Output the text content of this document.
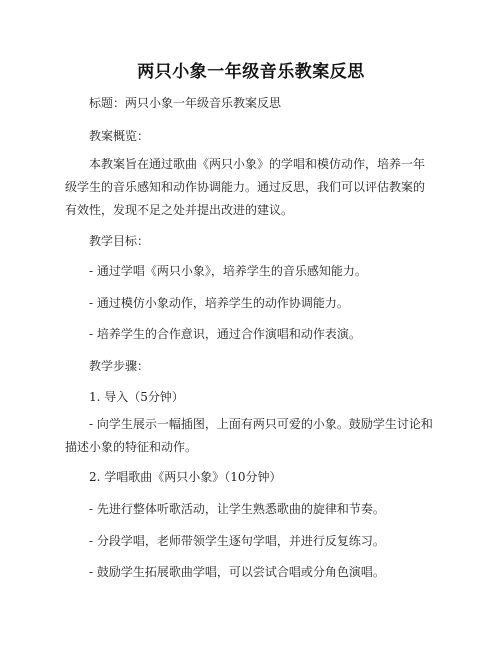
两只小象一年级音乐教案反思

标题：两只小象一年级音乐教案反思

教案概览：

本教案旨在通过歌曲《两只小象》的学唱和模仿动作，培养一年级学生的音乐感知和动作协调能力。通过反思，我们可以评估教案的有效性，发现不足之处并提出改进的建议。

教学目标：

- 通过学唱《两只小象》，培养学生的音乐感知能力。

- 通过模仿小象动作，培养学生的动作协调能力。

- 培养学生的合作意识，通过合作演唱和动作表演。

教学步骤：

1. 导入（5分钟）

- 向学生展示一幅插图，上面有两只可爱的小象。鼓励学生讨论和描述小象的特征和动作。

2. 学唱歌曲《两只小象》（10分钟）

- 先进行整体听歌活动，让学生熟悉歌曲的旋律和节奏。

- 分段学唱，老师带领学生逐句学唱，并进行反复练习。

- 鼓励学生拓展歌曲学唱，可以尝试合唱或分角色演唱。
